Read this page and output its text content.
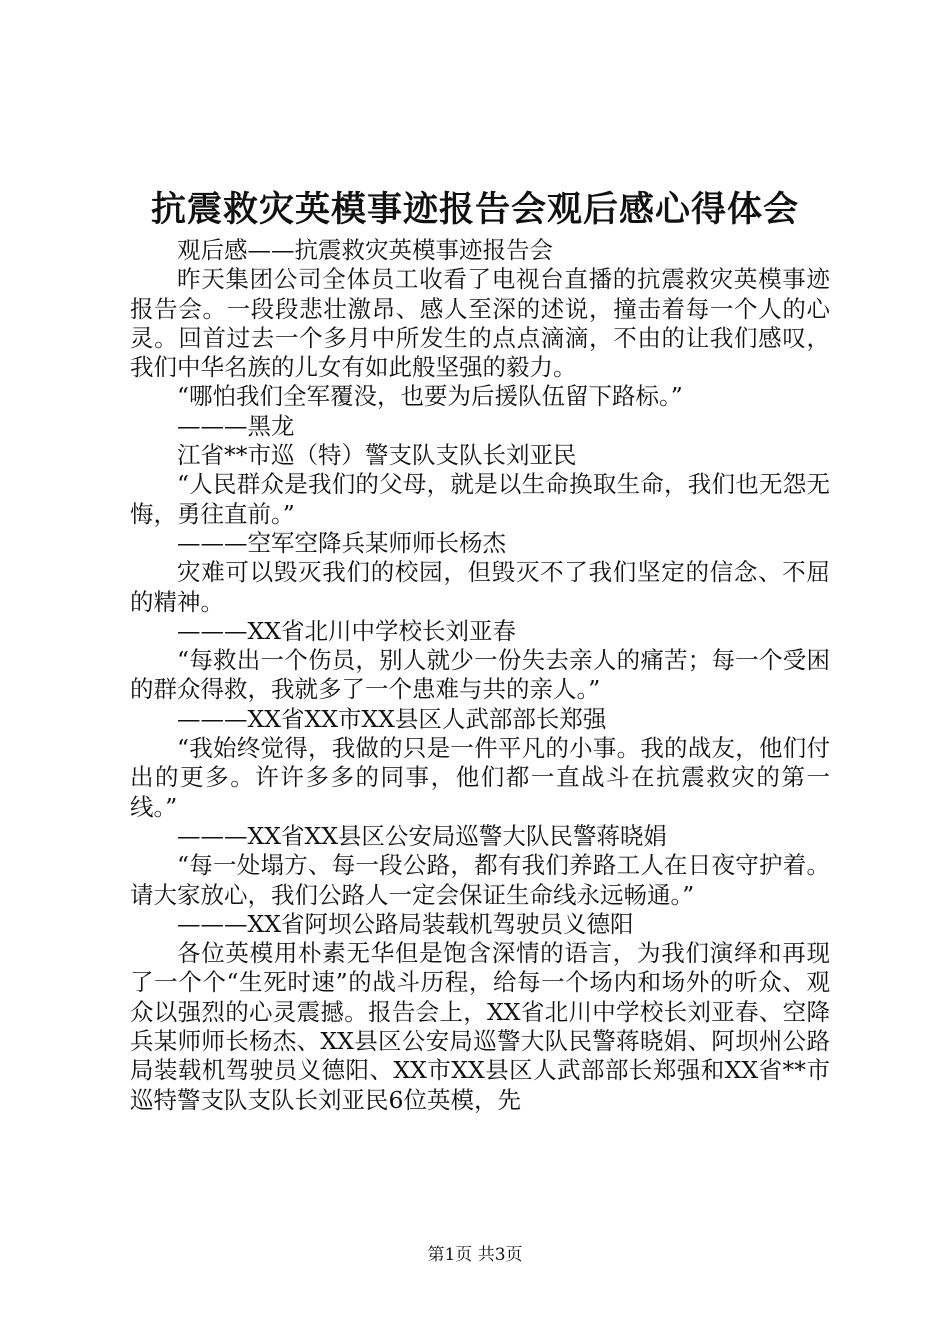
抗震救灾英模事迹报告会观后感心得体会

观后感——抗震救灾英模事迹报告会

昨天集团公司全体员工收看了电视台直播的抗震救灾英模事迹报告会。一段段悲壮激昂、感人至深的述说，撞击着每一个人的心灵。回首过去一个多月中所发生的点点滴滴，不由的让我们感叹，我们中华名族的儿女有如此般坚强的毅力。

“哪怕我们全军覆没，也要为后援队伍留下路标。”

———黑龙

江省**市巡（特）警支队支队长刘亚民

“人民群众是我们的父母，就是以生命换取生命，我们也无怨无悔，勇往直前。”

———空军空降兵某师师长杨杰

灾难可以毁灭我们的校园，但毁灭不了我们坚定的信念、不屈的精神。

———XX省北川中学校长刘亚春

“每救出一个伤员，别人就少一份失去亲人的痛苦；每一个受困的群众得救，我就多了一个患难与共的亲人。”

———XX省XX市XX县区人武部部长郑强

“我始终觉得，我做的只是一件平凡的小事。我的战友，他们付出的更多。许许多多的同事，他们都一直战斗在抗震救灾的第一线。”

———XX省XX县区公安局巡警大队民警蒋晓娟

“每一处塌方、每一段公路，都有我们养路工人在日夜守护着。请大家放心，我们公路人一定会保证生命线永远畅通。”

———XX省阿坝公路局装载机驾驶员义德阳

各位英模用朴素无华但是饱含深情的语言，为我们演绎和再现了一个个“生死时速”的战斗历程，给每一个场内和场外的听众、观众以强烈的心灵震撼。报告会上，XX省北川中学校长刘亚春、空降兵某师师长杨杰、XX县区公安局巡警大队民警蒋晓娟、阿坝州公路局装载机驾驶员义德阳、XX市XX县区人武部部长郑强和XX省**市巡特警支队支队长刘亚民6位英模，先

第1页 共3页
